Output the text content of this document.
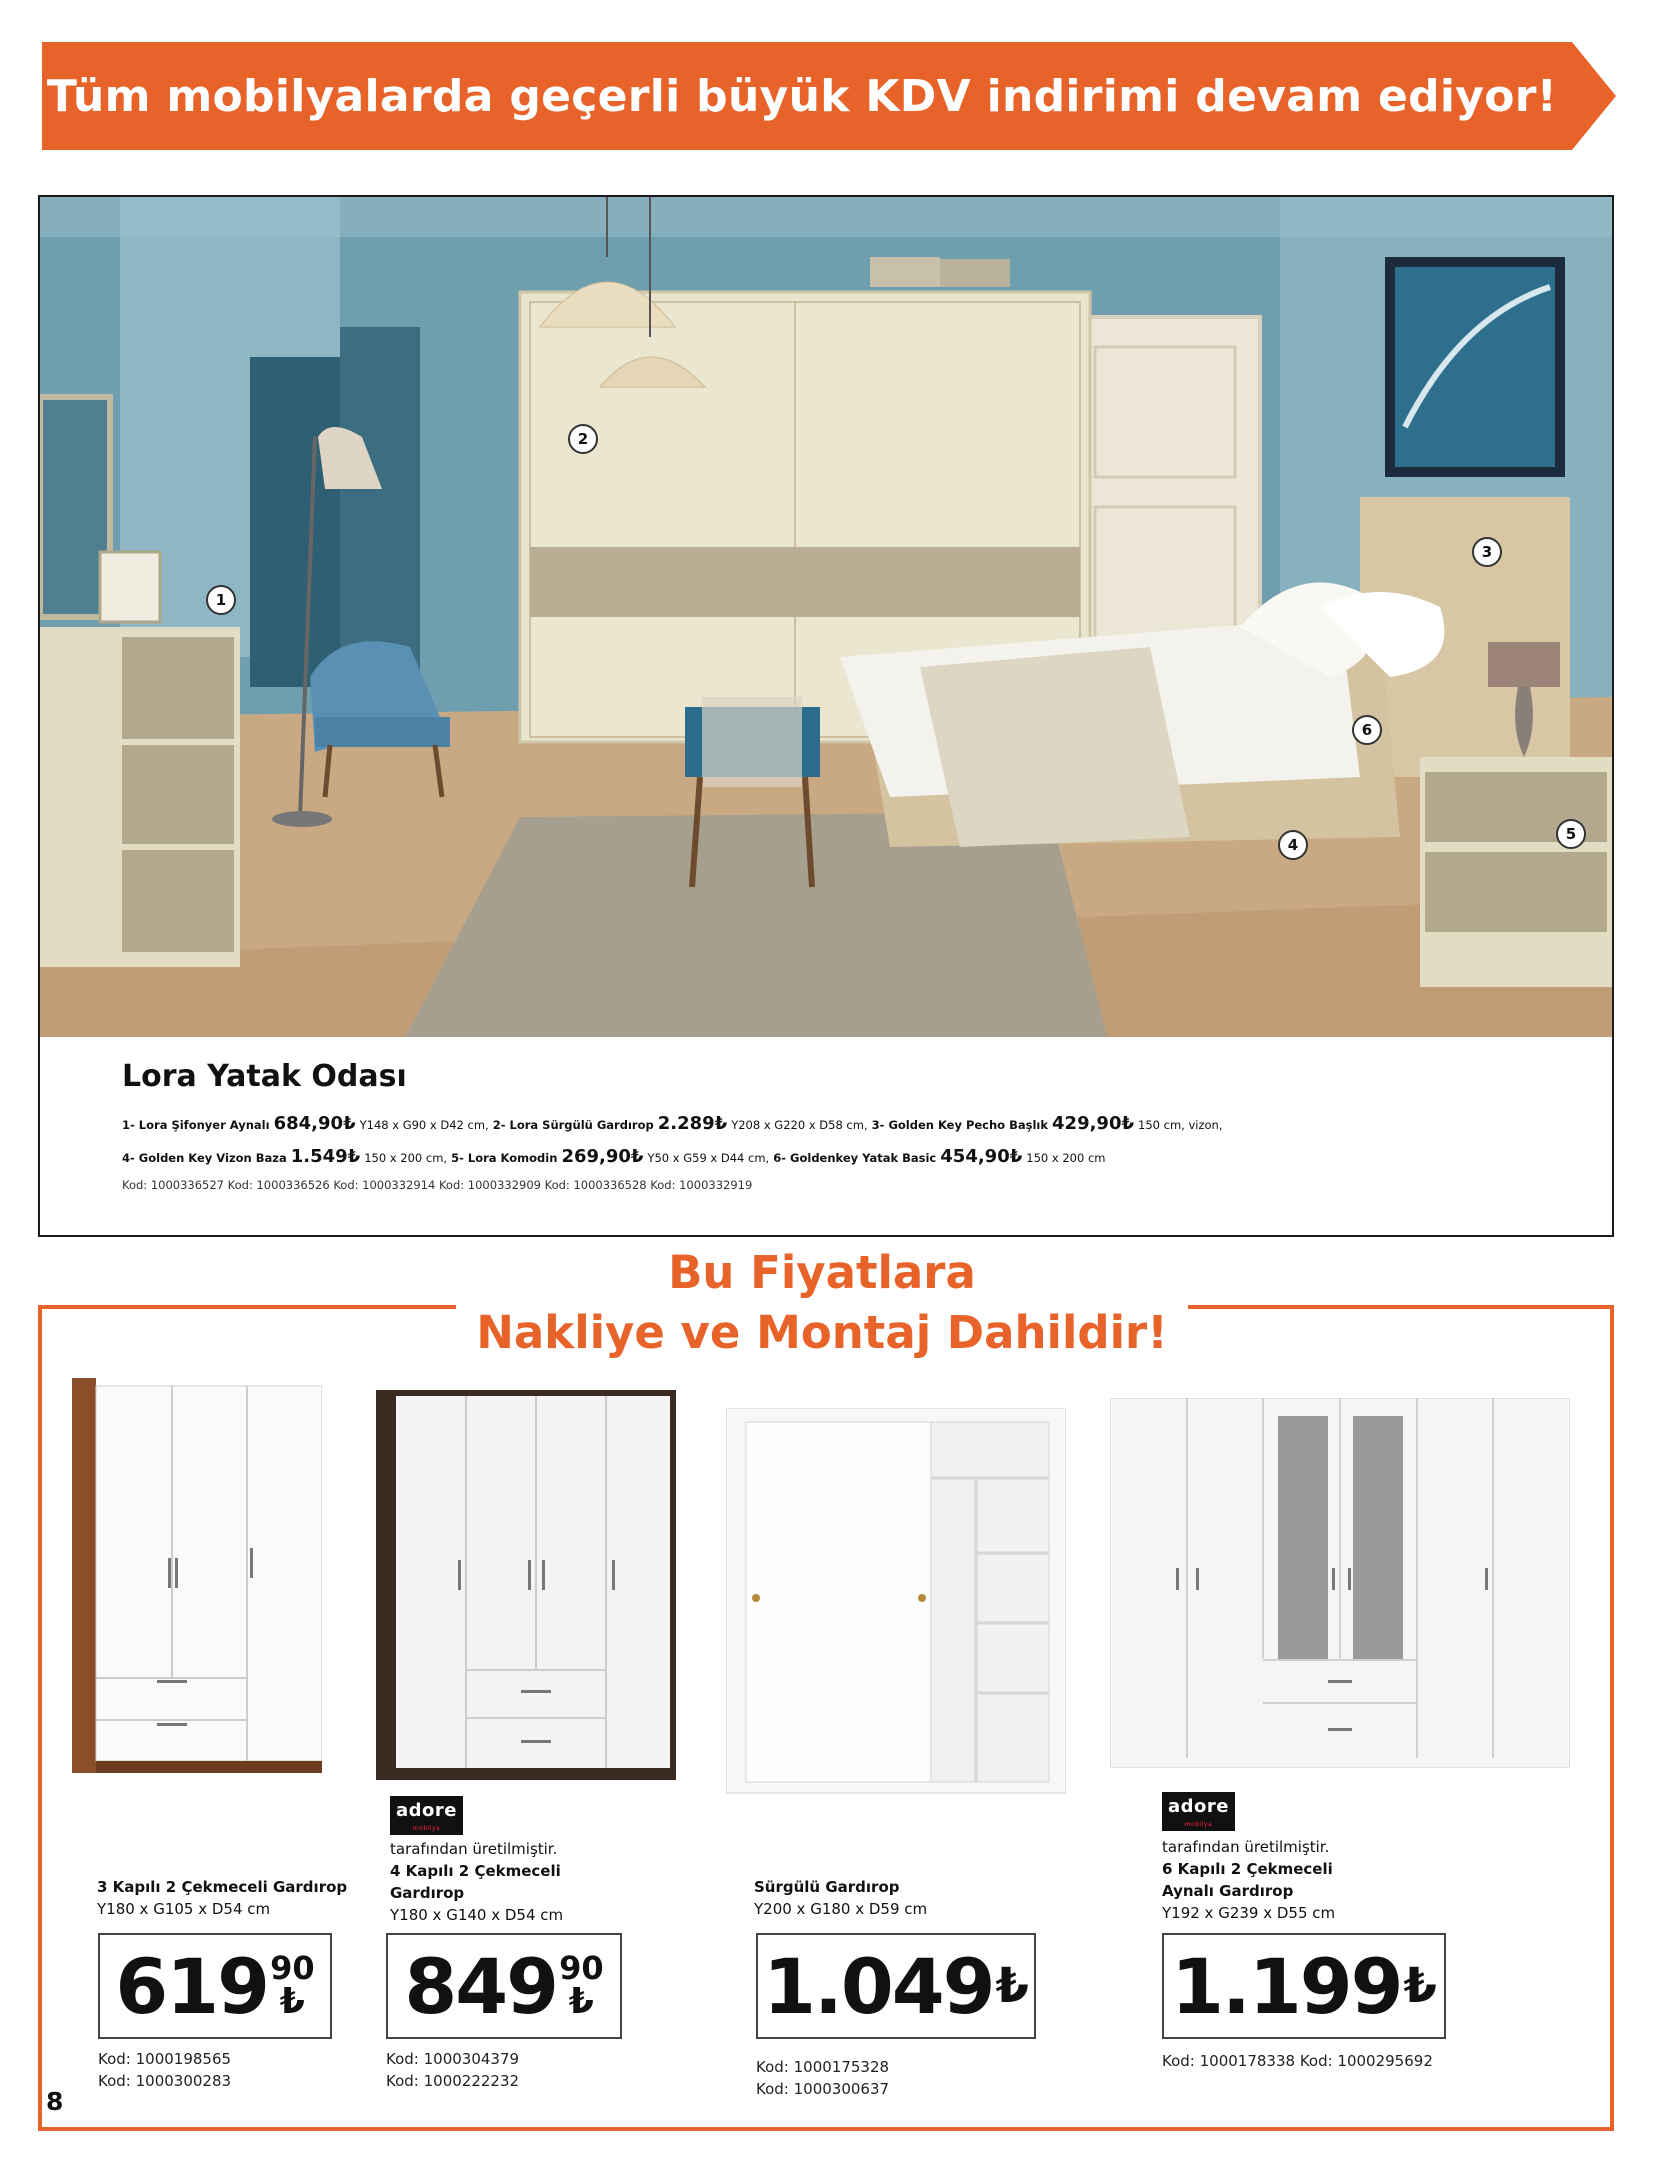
Tüm mobilyalarda geçerli büyük KDV indirimi devam ediyor!
1
2
3
4
5
6
Lora Yatak Odası
1- Lora Şifonyer Aynalı 684,90₺ Y148 x G90 x D42 cm, 2- Lora Sürgülü Gardırop 2.289₺ Y208 x G220 x D58 cm, 3- Golden Key Pecho Başlık 429,90₺ 150 cm, vizon,
4- Golden Key Vizon Baza 1.549₺ 150 x 200 cm, 5- Lora Komodin 269,90₺ Y50 x G59 x D44 cm, 6- Goldenkey Yatak Basic 454,90₺ 150 x 200 cm
Kod: 1000336527 Kod: 1000336526 Kod: 1000332914 Kod: 1000332909 Kod: 1000336528 Kod: 1000332919
Bu Fiyatlara
Nakliye ve Montaj Dahildir!
3 Kapılı 2 Çekmeceli Gardırop
Y180 x G105 x D54 cm
619 90
₺
Kod: 1000198565
Kod: 1000300283
adore
mobilya
tarafından üretilmiştir.
4 Kapılı 2 Çekmeceli
Gardırop
Y180 x G140 x D54 cm
849 90
₺
Kod: 1000304379
Kod: 1000222232
Sürgülü Gardırop
Y200 x G180 x D59 cm
1.049 ₺
Kod: 1000175328
Kod: 1000300637
adore
mobilya
tarafından üretilmiştir.
6 Kapılı 2 Çekmeceli
Aynalı Gardırop
Y192 x G239 x D55 cm
1.199 ₺
Kod: 1000178338 Kod: 1000295692
8
